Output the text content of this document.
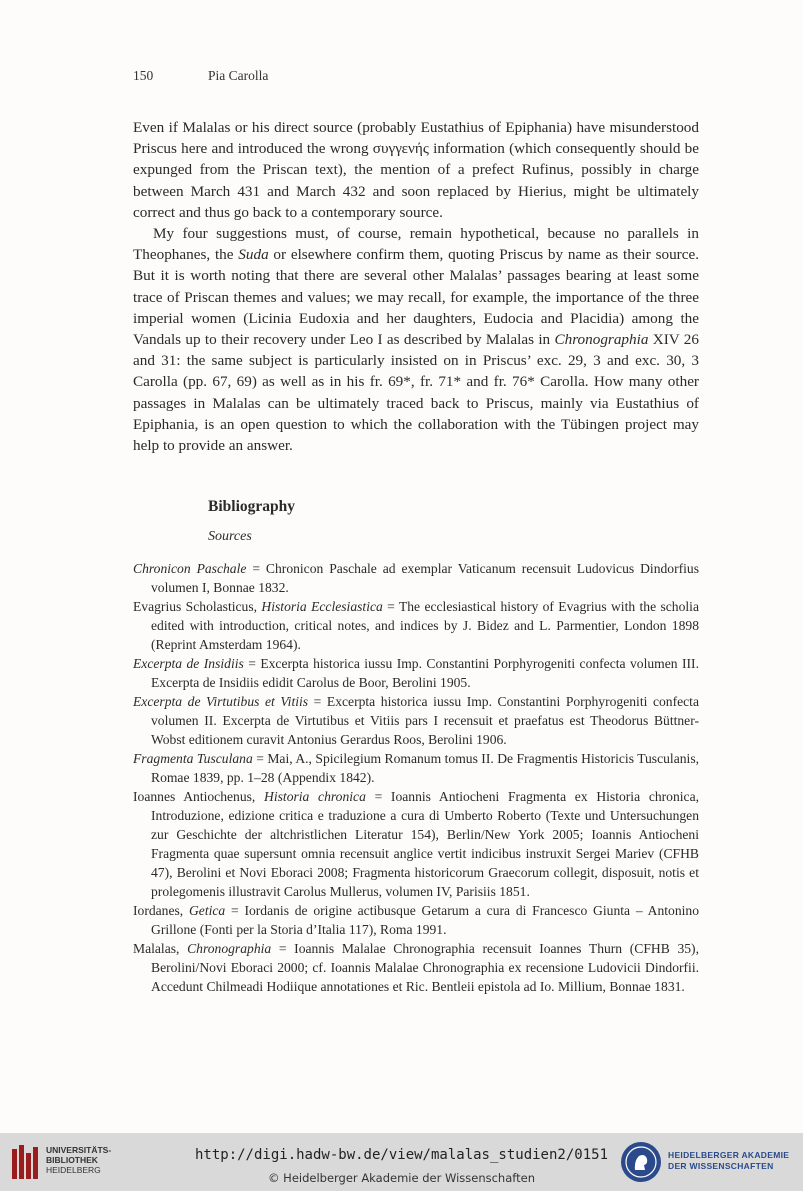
150	Pia Carolla

Even if Malalas or his direct source (probably Eustathius of Epiphania) have misunderstood Priscus here and introduced the wrong συγγενής information (which consequently should be expunged from the Priscan text), the mention of a prefect Rufinus, possibly in charge between March 431 and March 432 and soon replaced by Hierius, might be ultimately correct and thus go back to a contemporary source.

My four suggestions must, of course, remain hypothetical, because no parallels in Theophanes, the Suda or elsewhere confirm them, quoting Priscus by name as their source. But it is worth noting that there are several other Malalas’ passages bearing at least some trace of Priscan themes and values; we may recall, for example, the importance of the three imperial women (Licinia Eudoxia and her daughters, Eudocia and Placidia) among the Vandals up to their recovery under Leo I as described by Malalas in Chronographia XIV 26 and 31: the same subject is particularly insisted on in Priscus’ exc. 29, 3 and exc. 30, 3 Carolla (pp. 67, 69) as well as in his fr. 69*, fr. 71* and fr. 76* Carolla. How many other passages in Malalas can be ultimately traced back to Priscus, mainly via Eustathius of Epiphania, is an open question to which the collaboration with the Tübingen project may help to provide an answer.

Bibliography
Sources

Chronicon Paschale = Chronicon Paschale ad exemplar Vaticanum recensuit Ludovicus Dindorfius volumen I, Bonnae 1832.

Evagrius Scholasticus, Historia Ecclesiastica = The ecclesiastical history of Evagrius with the scholia edited with introduction, critical notes, and indices by J. Bidez and L. Parmentier, London 1898 (Reprint Amsterdam 1964).

Excerpta de Insidiis = Excerpta historica iussu Imp. Constantini Porphyrogeniti confecta volumen III. Excerpta de Insidiis edidit Carolus de Boor, Berolini 1905.

Excerpta de Virtutibus et Vitiis = Excerpta historica iussu Imp. Constantini Porphyrogeniti confecta volumen II. Excerpta de Virtutibus et Vitiis pars I recensuit et praefatus est Theodorus Büttner-Wobst editionem curavit Antonius Gerardus Roos, Berolini 1906.

Fragmenta Tusculana = Mai, A., Spicilegium Romanum tomus II. De Fragmentis Historicis Tusculanis, Romae 1839, pp. 1–28 (Appendix 1842).

Ioannes Antiochenus, Historia chronica = Ioannis Antiocheni Fragmenta ex Historia chronica, Introduzione, edizione critica e traduzione a cura di Umberto Roberto (Texte und Untersuchungen zur Geschichte der altchristlichen Literatur 154), Berlin/New York 2005; Ioannis Antiocheni Fragmenta quae supersunt omnia recensuit anglice vertit indicibus instruxit Sergei Mariev (CFHB 47), Berolini et Novi Eboraci 2008; Fragmenta historicorum Graecorum collegit, disposuit, notis et prolegomenis illustravit Carolus Mullerus, volumen IV, Parisiis 1851.

Iordanes, Getica = Iordanis de origine actibusque Getarum a cura di Francesco Giunta – Antonino Grillone (Fonti per la Storia d’Italia 117), Roma 1991.

Malalas, Chronographia = Ioannis Malalae Chronographia recensuit Ioannes Thurn (CFHB 35), Berolini/Novi Eboraci 2000; cf. Ioannis Malalae Chronographia ex recensione Ludovicii Dindorfii. Accedunt Chilmeadi Hodiique annotationes et Ric. Bentleii epistola ad Io. Millium, Bonnae 1831.

UNIVERSITÄTS-
BIBLIOTHEK
HEIDELBERG
http://digi.hadw-bw.de/view/malalas_studien2/0151
© Heidelberger Akademie der Wissenschaften
HEIDELBERGER AKADEMIE
DER WISSENSCHAFTEN
